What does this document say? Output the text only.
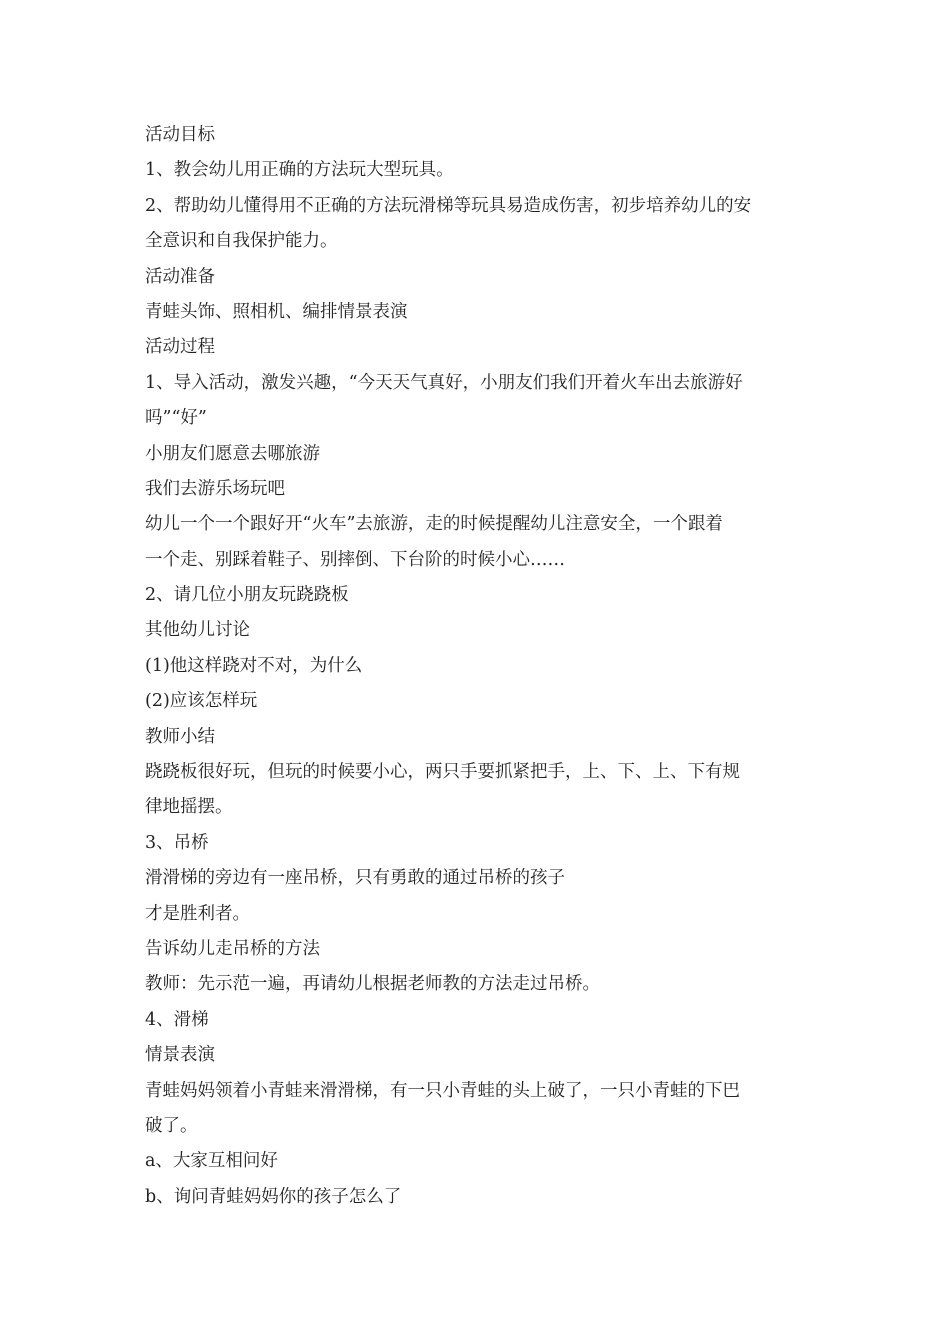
活动目标
1、教会幼儿用正确的方法玩大型玩具。
2、帮助幼儿懂得用不正确的方法玩滑梯等玩具易造成伤害，初步培养幼儿的安
全意识和自我保护能力。
活动准备
青蛙头饰、照相机、编排情景表演
活动过程
1、导入活动，激发兴趣，“今天天气真好，小朋友们我们开着火车出去旅游好
吗”“好”
小朋友们愿意去哪旅游
我们去游乐场玩吧
幼儿一个一个跟好开“火车”去旅游，走的时候提醒幼儿注意安全，一个跟着
一个走、别踩着鞋子、别摔倒、下台阶的时候小心……
2、请几位小朋友玩跷跷板
其他幼儿讨论
(1)他这样跷对不对，为什么
(2)应该怎样玩
教师小结
跷跷板很好玩，但玩的时候要小心，两只手要抓紧把手，上、下、上、下有规
律地摇摆。
3、吊桥
滑滑梯的旁边有一座吊桥，只有勇敢的通过吊桥的孩子
才是胜利者。
告诉幼儿走吊桥的方法
教师：先示范一遍，再请幼儿根据老师教的方法走过吊桥。
4、滑梯
情景表演
青蛙妈妈领着小青蛙来滑滑梯，有一只小青蛙的头上破了，一只小青蛙的下巴
破了。
a、大家互相问好
b、询问青蛙妈妈你的孩子怎么了
